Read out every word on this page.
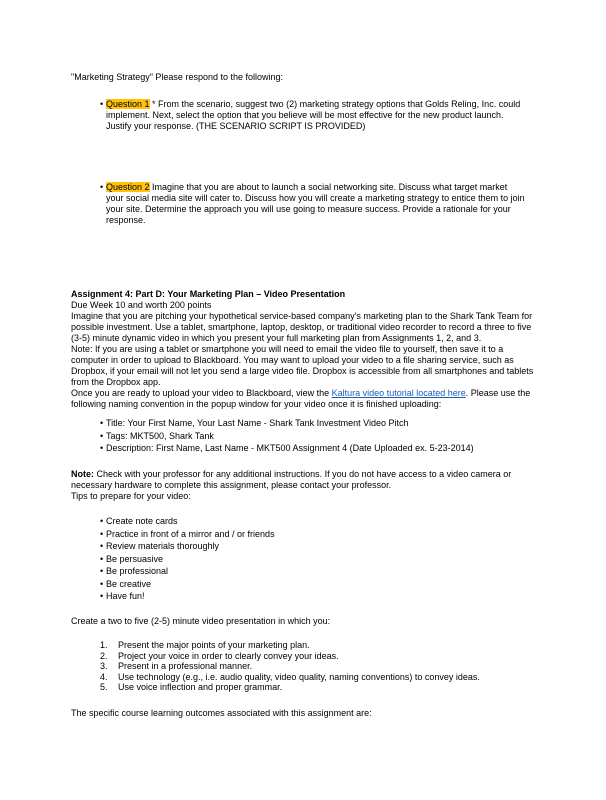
"Marketing Strategy" Please respond to the following:
• Question 1 * From the scenario, suggest two (2) marketing strategy options that Golds Reling, Inc. could implement. Next, select the option that you believe will be most effective for the new product launch. Justify your response. (THE SCENARIO SCRIPT IS PROVIDED)
• Question 2 Imagine that you are about to launch a social networking site. Discuss what target market your social media site will cater to. Discuss how you will create a marketing strategy to entice them to join your site. Determine the approach you will use going to measure success. Provide a rationale for your response.

Assignment 4: Part D: Your Marketing Plan – Video Presentation

Due Week 10 and worth 200 points

Imagine that you are pitching your hypothetical service-based company's marketing plan to the Shark Tank Team for possible investment. Use a tablet, smartphone, laptop, desktop, or traditional video recorder to record a three to five (3-5) minute dynamic video in which you present your full marketing plan from Assignments 1, 2, and 3.

Note: If you are using a tablet or smartphone you will need to email the video file to yourself, then save it to a computer in order to upload to Blackboard. You may want to upload your video to a file sharing service, such as Dropbox, if your email will not let you send a large video file. Dropbox is accessible from all smartphones and tablets from the Dropbox app.

Once you are ready to upload your video to Blackboard, view the Kaltura video tutorial located here. Please use the following naming convention in the popup window for your video once it is finished uploading:

• Title: Your First Name, Your Last Name - Shark Tank Investment Video Pitch
• Tags: MKT500, Shark Tank
• Description: First Name, Last Name - MKT500 Assignment 4 (Date Uploaded ex. 5-23-2014)
Note: Check with your professor for any additional instructions. If you do not have access to a video camera or necessary hardware to complete this assignment, please contact your professor.
Tips to prepare for your video:
• Create note cards
• Practice in front of a mirror and / or friends
• Review materials thoroughly
• Be persuasive
• Be professional
• Be creative
• Have fun!
Create a two to five (2-5) minute video presentation in which you:
1. Present the major points of your marketing plan.
2. Project your voice in order to clearly convey your ideas.
3. Present in a professional manner.
4. Use technology (e.g., i.e. audio quality, video quality, naming conventions) to convey ideas.
5. Use voice inflection and proper grammar.
The specific course learning outcomes associated with this assignment are:
